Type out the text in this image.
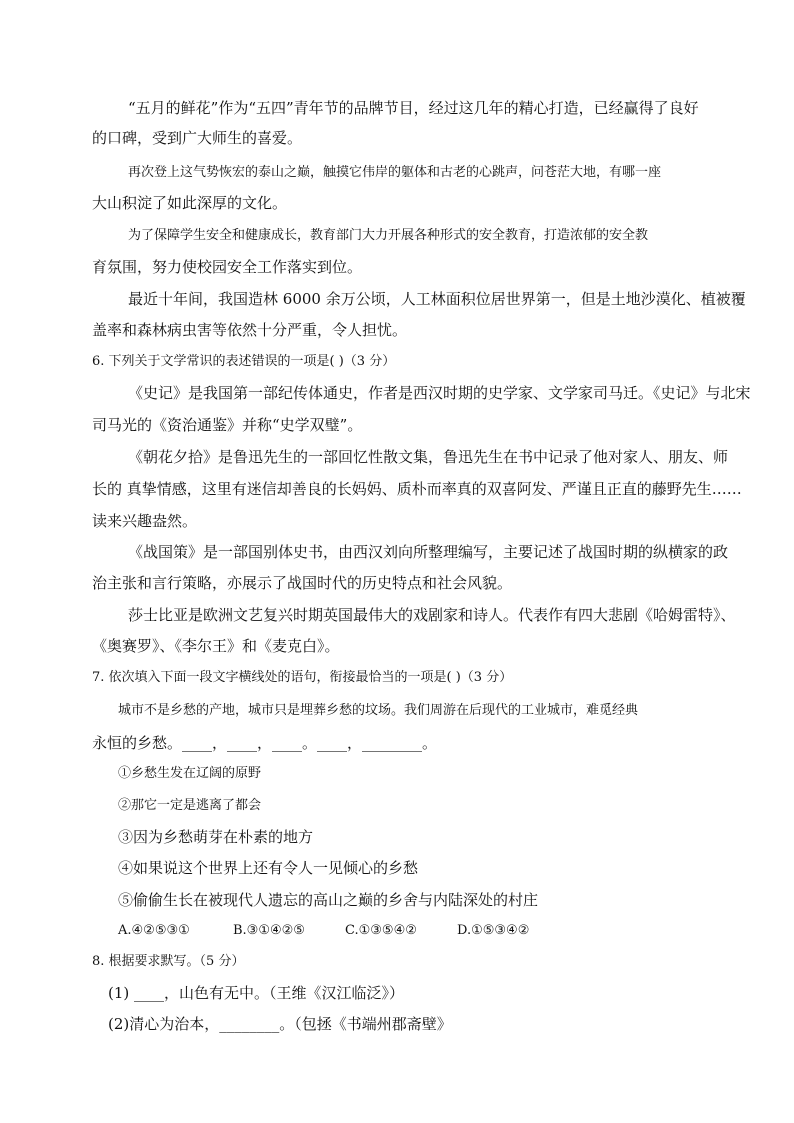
“五月的鲜花”作为“五四”青年节的品牌节目，经过这几年的精心打造，已经赢得了良好
的口碑，受到广大师生的喜爱。
再次登上这气势恢宏的泰山之巅，触摸它伟岸的躯体和古老的心跳声，问苍茫大地，有哪一座
大山积淀了如此深厚的文化。
为了保障学生安全和健康成长，教育部门大力开展各种形式的安全教育，打造浓郁的安全教
育氛围，努力使校园安全工作落实到位。
最近十年间，我国造林 6000 余万公顷，人工林面积位居世界第一，但是土地沙漠化、植被覆
盖率和森林病虫害等依然十分严重，令人担忧。
6. 下列关于文学常识的表述错误的一项是( )（3 分）
《史记》是我国第一部纪传体通史，作者是西汉时期的史学家、文学家司马迁。《史记》与北宋
司马光的《资治通鉴》并称“史学双璧”。
《朝花夕拾》是鲁迅先生的一部回忆性散文集，鲁迅先生在书中记录了他对家人、朋友、师
长的 真挚情感，这里有迷信却善良的长妈妈、质朴而率真的双喜阿发、严谨且正直的藤野先生……
读来兴趣盎然。
《战国策》是一部国别体史书，由西汉刘向所整理编写，主要记述了战国时期的纵横家的政
治主张和言行策略，亦展示了战国时代的历史特点和社会风貌。
莎士比亚是欧洲文艺复兴时期英国最伟大的戏剧家和诗人。代表作有四大悲剧《哈姆雷特》、
《奥赛罗》、《李尔王》和《麦克白》。
7. 依次填入下面一段文字横线处的语句，衔接最恰当的一项是( )（3 分）
城市不是乡愁的产地，城市只是埋葬乡愁的坟场。我们周游在后现代的工业城市，难觅经典
永恒的乡愁。____，____，____。____，________。
①乡愁生发在辽阔的原野
②那它一定是逃离了都会
③因为乡愁萌芽在朴素的地方
④如果说这个世界上还有令人一见倾心的乡愁
⑤偷偷生长在被现代人遗忘的高山之巅的乡舍与内陆深处的村庄
A.④②⑤③①	B.③①④②⑤	C.①③⑤④②	D.①⑤③④②
8. 根据要求默写。（5 分）
(1) ____，山色有无中。（王维《汉江临泛》）
(2)清心为治本，________。（包拯《书端州郡斋壁》
